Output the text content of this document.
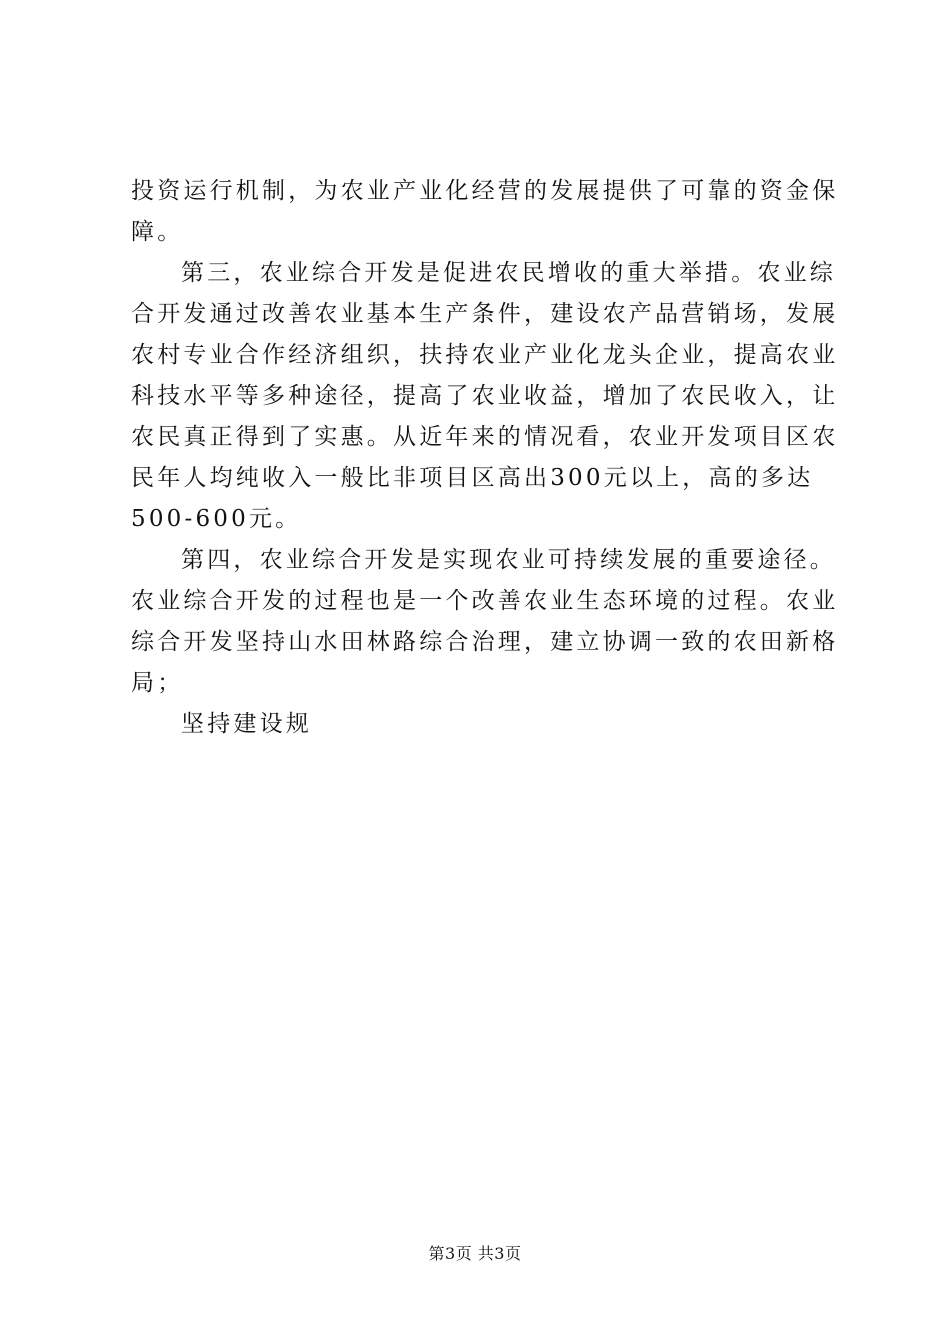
投资运行机制，为农业产业化经营的发展提供了可靠的资金保
障。
第三，农业综合开发是促进农民增收的重大举措。农业综
合开发通过改善农业基本生产条件，建设农产品营销场，发展
农村专业合作经济组织，扶持农业产业化龙头企业，提高农业
科技水平等多种途径，提高了农业收益，增加了农民收入，让
农民真正得到了实惠。从近年来的情况看，农业开发项目区农
民年人均纯收入一般比非项目区高出300元以上，高的多达
500-600元。
第四，农业综合开发是实现农业可持续发展的重要途径。
农业综合开发的过程也是一个改善农业生态环境的过程。农业
综合开发坚持山水田林路综合治理，建立协调一致的农田新格
局；
坚持建设规
第3页 共3页
